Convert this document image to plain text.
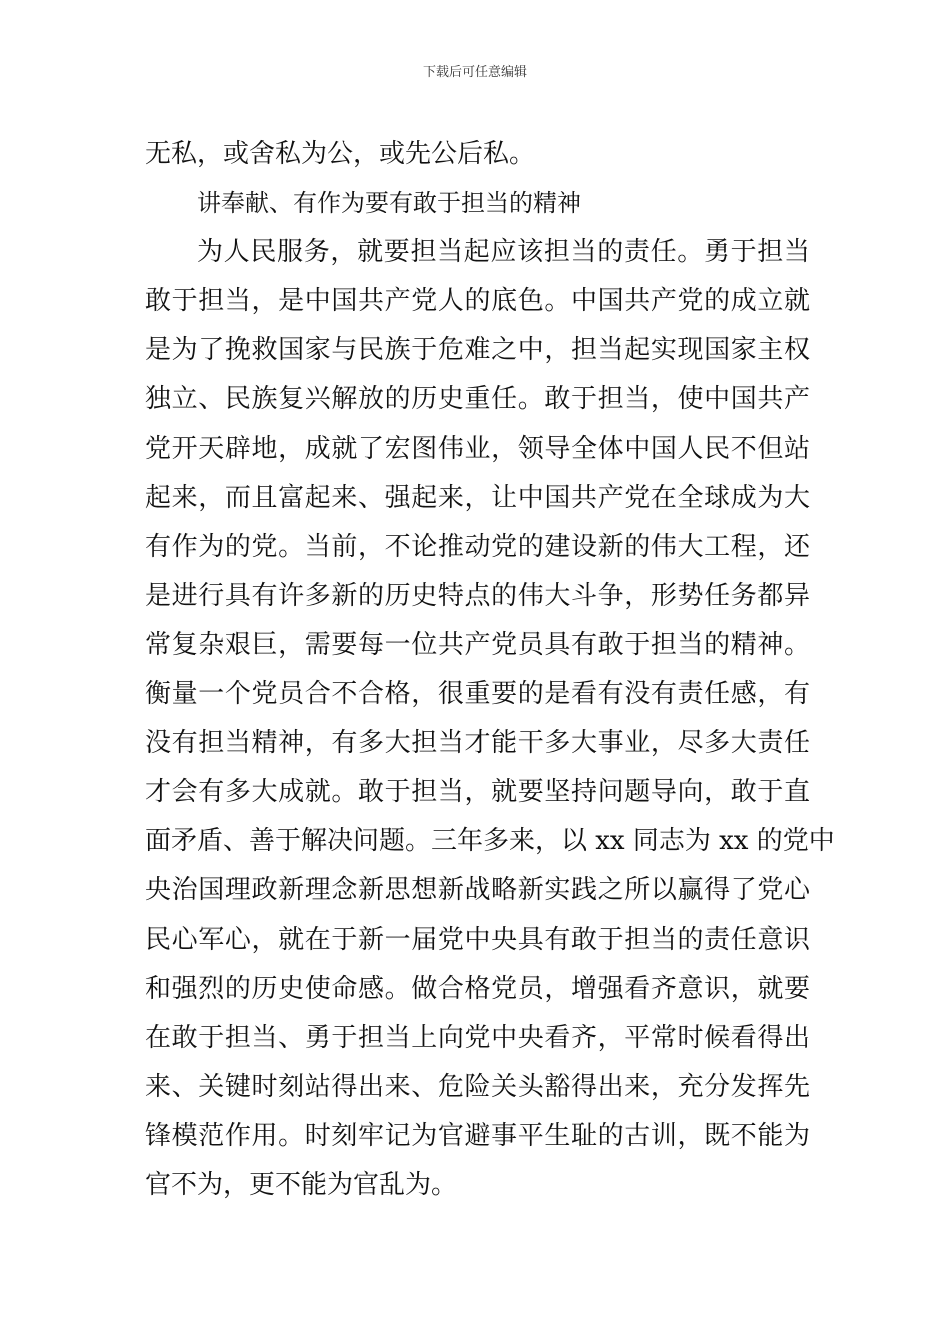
下载后可任意编辑
无私，或舍私为公，或先公后私。
讲奉献、有作为要有敢于担当的精神
为人民服务，就要担当起应该担当的责任。勇于担当
敢于担当，是中国共产党人的底色。中国共产党的成立就
是为了挽救国家与民族于危难之中，担当起实现国家主权
独立、民族复兴解放的历史重任。敢于担当，使中国共产
党开天辟地，成就了宏图伟业，领导全体中国人民不但站
起来，而且富起来、强起来，让中国共产党在全球成为大
有作为的党。当前，不论推动党的建设新的伟大工程，还
是进行具有许多新的历史特点的伟大斗争，形势任务都异
常复杂艰巨，需要每一位共产党员具有敢于担当的精神。
衡量一个党员合不合格，很重要的是看有没有责任感，有
没有担当精神，有多大担当才能干多大事业，尽多大责任
才会有多大成就。敢于担当，就要坚持问题导向，敢于直
面矛盾、善于解决问题。三年多来，以 xx 同志为 xx 的党中
央治国理政新理念新思想新战略新实践之所以赢得了党心
民心军心，就在于新一届党中央具有敢于担当的责任意识
和强烈的历史使命感。做合格党员，增强看齐意识，就要
在敢于担当、勇于担当上向党中央看齐，平常时候看得出
来、关键时刻站得出来、危险关头豁得出来，充分发挥先
锋模范作用。时刻牢记为官避事平生耻的古训，既不能为
官不为，更不能为官乱为。
